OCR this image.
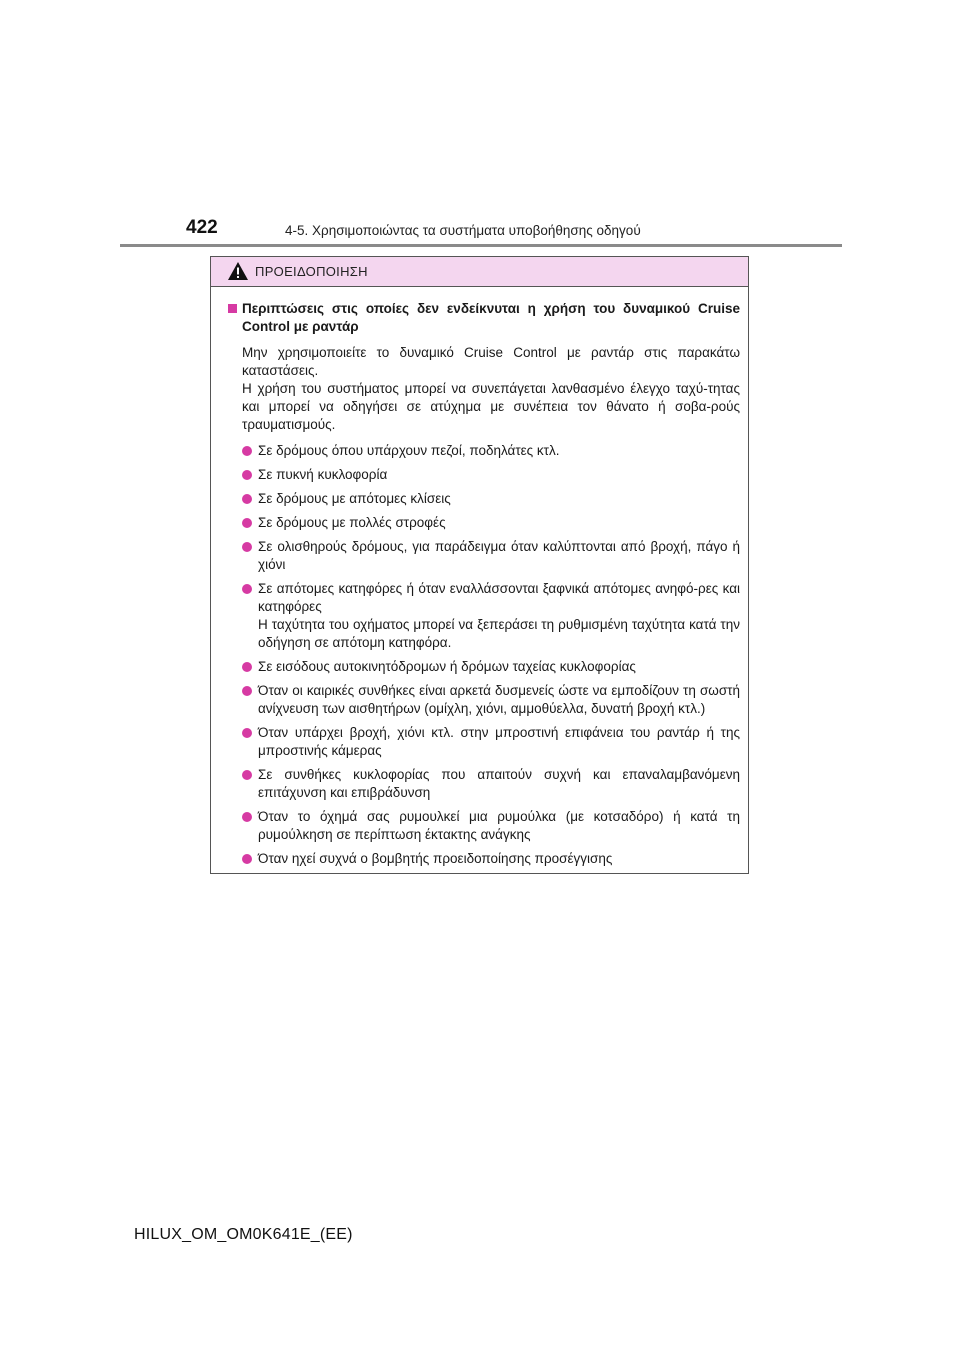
422	4-5. Χρησιμοποιώντας τα συστήματα υποβοήθησης οδηγού
ΠΡΟΕΙΔΟΠΟΙΗΣΗ
Περιπτώσεις στις οποίες δεν ενδείκνυται η χρήση του δυναμικού Cruise Control με ραντάρ
Μην χρησιμοποιείτε το δυναμικό Cruise Control με ραντάρ στις παρακάτω καταστάσεις.
Η χρήση του συστήματος μπορεί να συνεπάγεται λανθασμένο έλεγχο ταχύ-τητας και μπορεί να οδηγήσει σε ατύχημα με συνέπεια τον θάνατο ή σοβα-ρούς τραυματισμούς.
Σε δρόμους όπου υπάρχουν πεζοί, ποδηλάτες κτλ.
Σε πυκνή κυκλοφορία
Σε δρόμους με απότομες κλίσεις
Σε δρόμους με πολλές στροφές
Σε ολισθηρούς δρόμους, για παράδειγμα όταν καλύπτονται από βροχή, πάγο ή χιόνι
Σε απότομες κατηφόρες ή όταν εναλλάσσονται ξαφνικά απότομες ανηφό-ρες και κατηφόρες
Η ταχύτητα του οχήματος μπορεί να ξεπεράσει τη ρυθμισμένη ταχύτητα κατά την οδήγηση σε απότομη κατηφόρα.
Σε εισόδους αυτοκινητόδρομων ή δρόμων ταχείας κυκλοφορίας
Όταν οι καιρικές συνθήκες είναι αρκετά δυσμενείς ώστε να εμποδίζουν τη σωστή ανίχνευση των αισθητήρων (ομίχλη, χιόνι, αμμοθύελλα, δυνατή βροχή κτλ.)
Όταν υπάρχει βροχή, χιόνι κτλ. στην μπροστινή επιφάνεια του ραντάρ ή της μπροστινής κάμερας
Σε συνθήκες κυκλοφορίας που απαιτούν συχνή και επαναλαμβανόμενη επιτάχυνση και επιβράδυνση
Όταν το όχημά σας ρυμουλκεί μια ρυμούλκα (με κοτσαδόρο) ή κατά τη ρυμούλκηση σε περίπτωση έκτακτης ανάγκης
Όταν ηχεί συχνά ο βομβητής προειδοποίησης προσέγγισης
HILUX_OM_OM0K641E_(EE)
